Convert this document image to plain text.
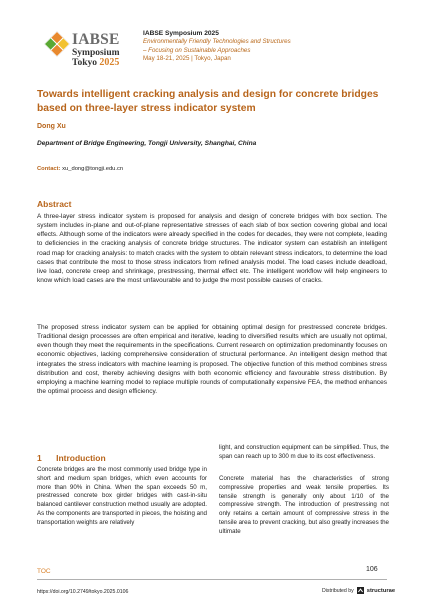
IABSE
Symposium
Tokyo 2025
IABSE Symposium 2025
Environmentally Friendly Technologies and Structures
– Focusing on Sustainable Approaches
May 18-21, 2025 | Tokyo, Japan
Towards intelligent cracking analysis and design for concrete bridges based on three-layer stress indicator system
Dong Xu
Department of Bridge Engineering, Tongji University, Shanghai, China
Contact: xu_dong@tongji.edu.cn
Abstract
A three-layer stress indicator system is proposed for analysis and design of concrete bridges with box section. The system includes in-plane and out-of-plane representative stresses of each slab of box section covering global and local effects. Although some of the indicators were already specified in the codes for decades, they were not complete, leading to deficiencies in the cracking analysis of concrete bridge structures. The indicator system can establish an intelligent road map for cracking analysis: to match cracks with the system to obtain relevant stress indicators, to determine the load cases that contribute the most to those stress indicators from refined analysis model. The load cases include deadload, live load, concrete creep and shrinkage, prestressing, thermal effect etc. The intelligent workflow will help engineers to know which load cases are the most unfavourable and to judge the most possible causes of cracks.
The proposed stress indicator system can be applied for obtaining optimal design for prestressed concrete bridges. Traditional design processes are often empirical and iterative, leading to diversified results which are usually not optimal, even though they meet the requirements in the specifications. Current research on optimization predominantly focuses on economic objectives, lacking comprehensive consideration of structural performance. An intelligent design method that integrates the stress indicators with machine learning is proposed. The objective function of this method combines stress distribution and cost, thereby achieving designs with both economic efficiency and favourable stress distribution. By employing a machine learning model to replace multiple rounds of computationally expensive FEA, the method enhances the optimal process and design efficiency.
1 Introduction
Concrete bridges are the most commonly used bridge type in short and medium span bridges, which even accounts for more than 90% in China. When the span exceeds 50 m, prestressed concrete box girder bridges with cast-in-situ balanced cantilever construction method usually are adopted. As the components are transported in pieces, the hoisting and transportation weights are relatively
light, and construction equipment can be simplified. Thus, the span can reach up to 300 m due to its cost effectiveness.
Concrete material has the characteristics of strong compressive properties and weak tensile properties. Its tensile strength is generally only about 1/10 of the compressive strength. The introduction of prestressing not only retains a certain amount of compressive stress in the tensile area to prevent cracking, but also greatly increases the ultimate
TOC	106
https://doi.org/10.2749/tokyo.2025.0106	Distributed by structurae
